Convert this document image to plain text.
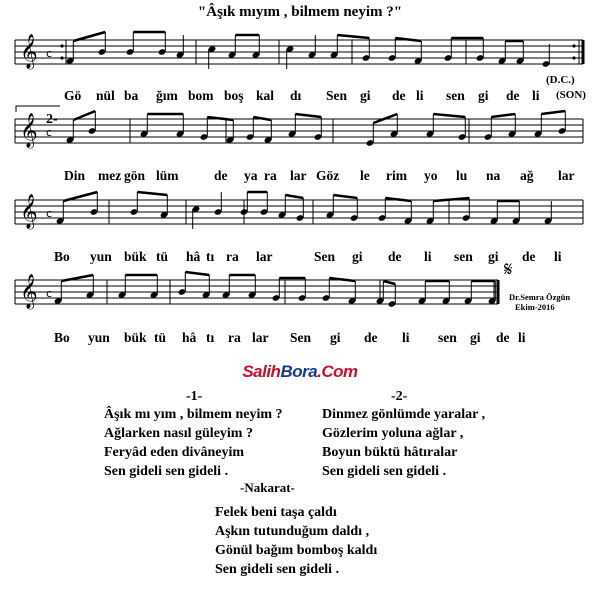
"Âşık mıyım , bilmem neyim ?"
𝄞 c
𝄞 c
𝄞 c
𝄞 c
𝄋
Gö nül ba ğım bom boş kal dı Sen gi de li sen gi de li
Din mez gön lüm	de ya ra lar Göz le rim yo lu na ağ lar
Bo yun bük tü hâ tı ra lar	Sen gi de li sen gi de li
Bo yun bük tü hâ tı ra lar Sen gi de li sen gi de li
(D.C.)
(SON)
2-
Dr.Semra Özgün
Ekim-2016
SalihBora.Com
-1-
Âşık mı yım , bilmem neyim ?
Ağlarken nasıl güleyim ?
Feryâd eden divâneyim
Sen gideli sen gideli .
-2-
Dinmez gönlümde yaralar ,
Gözlerim yoluna ağlar ,
Boyun büktü hâtıralar
Sen gideli sen gideli .
-Nakarat-
Felek beni taşa çaldı
Aşkın tutunduğum daldı ,
Gönül bağım bomboş kaldı
Sen gideli sen gideli .
